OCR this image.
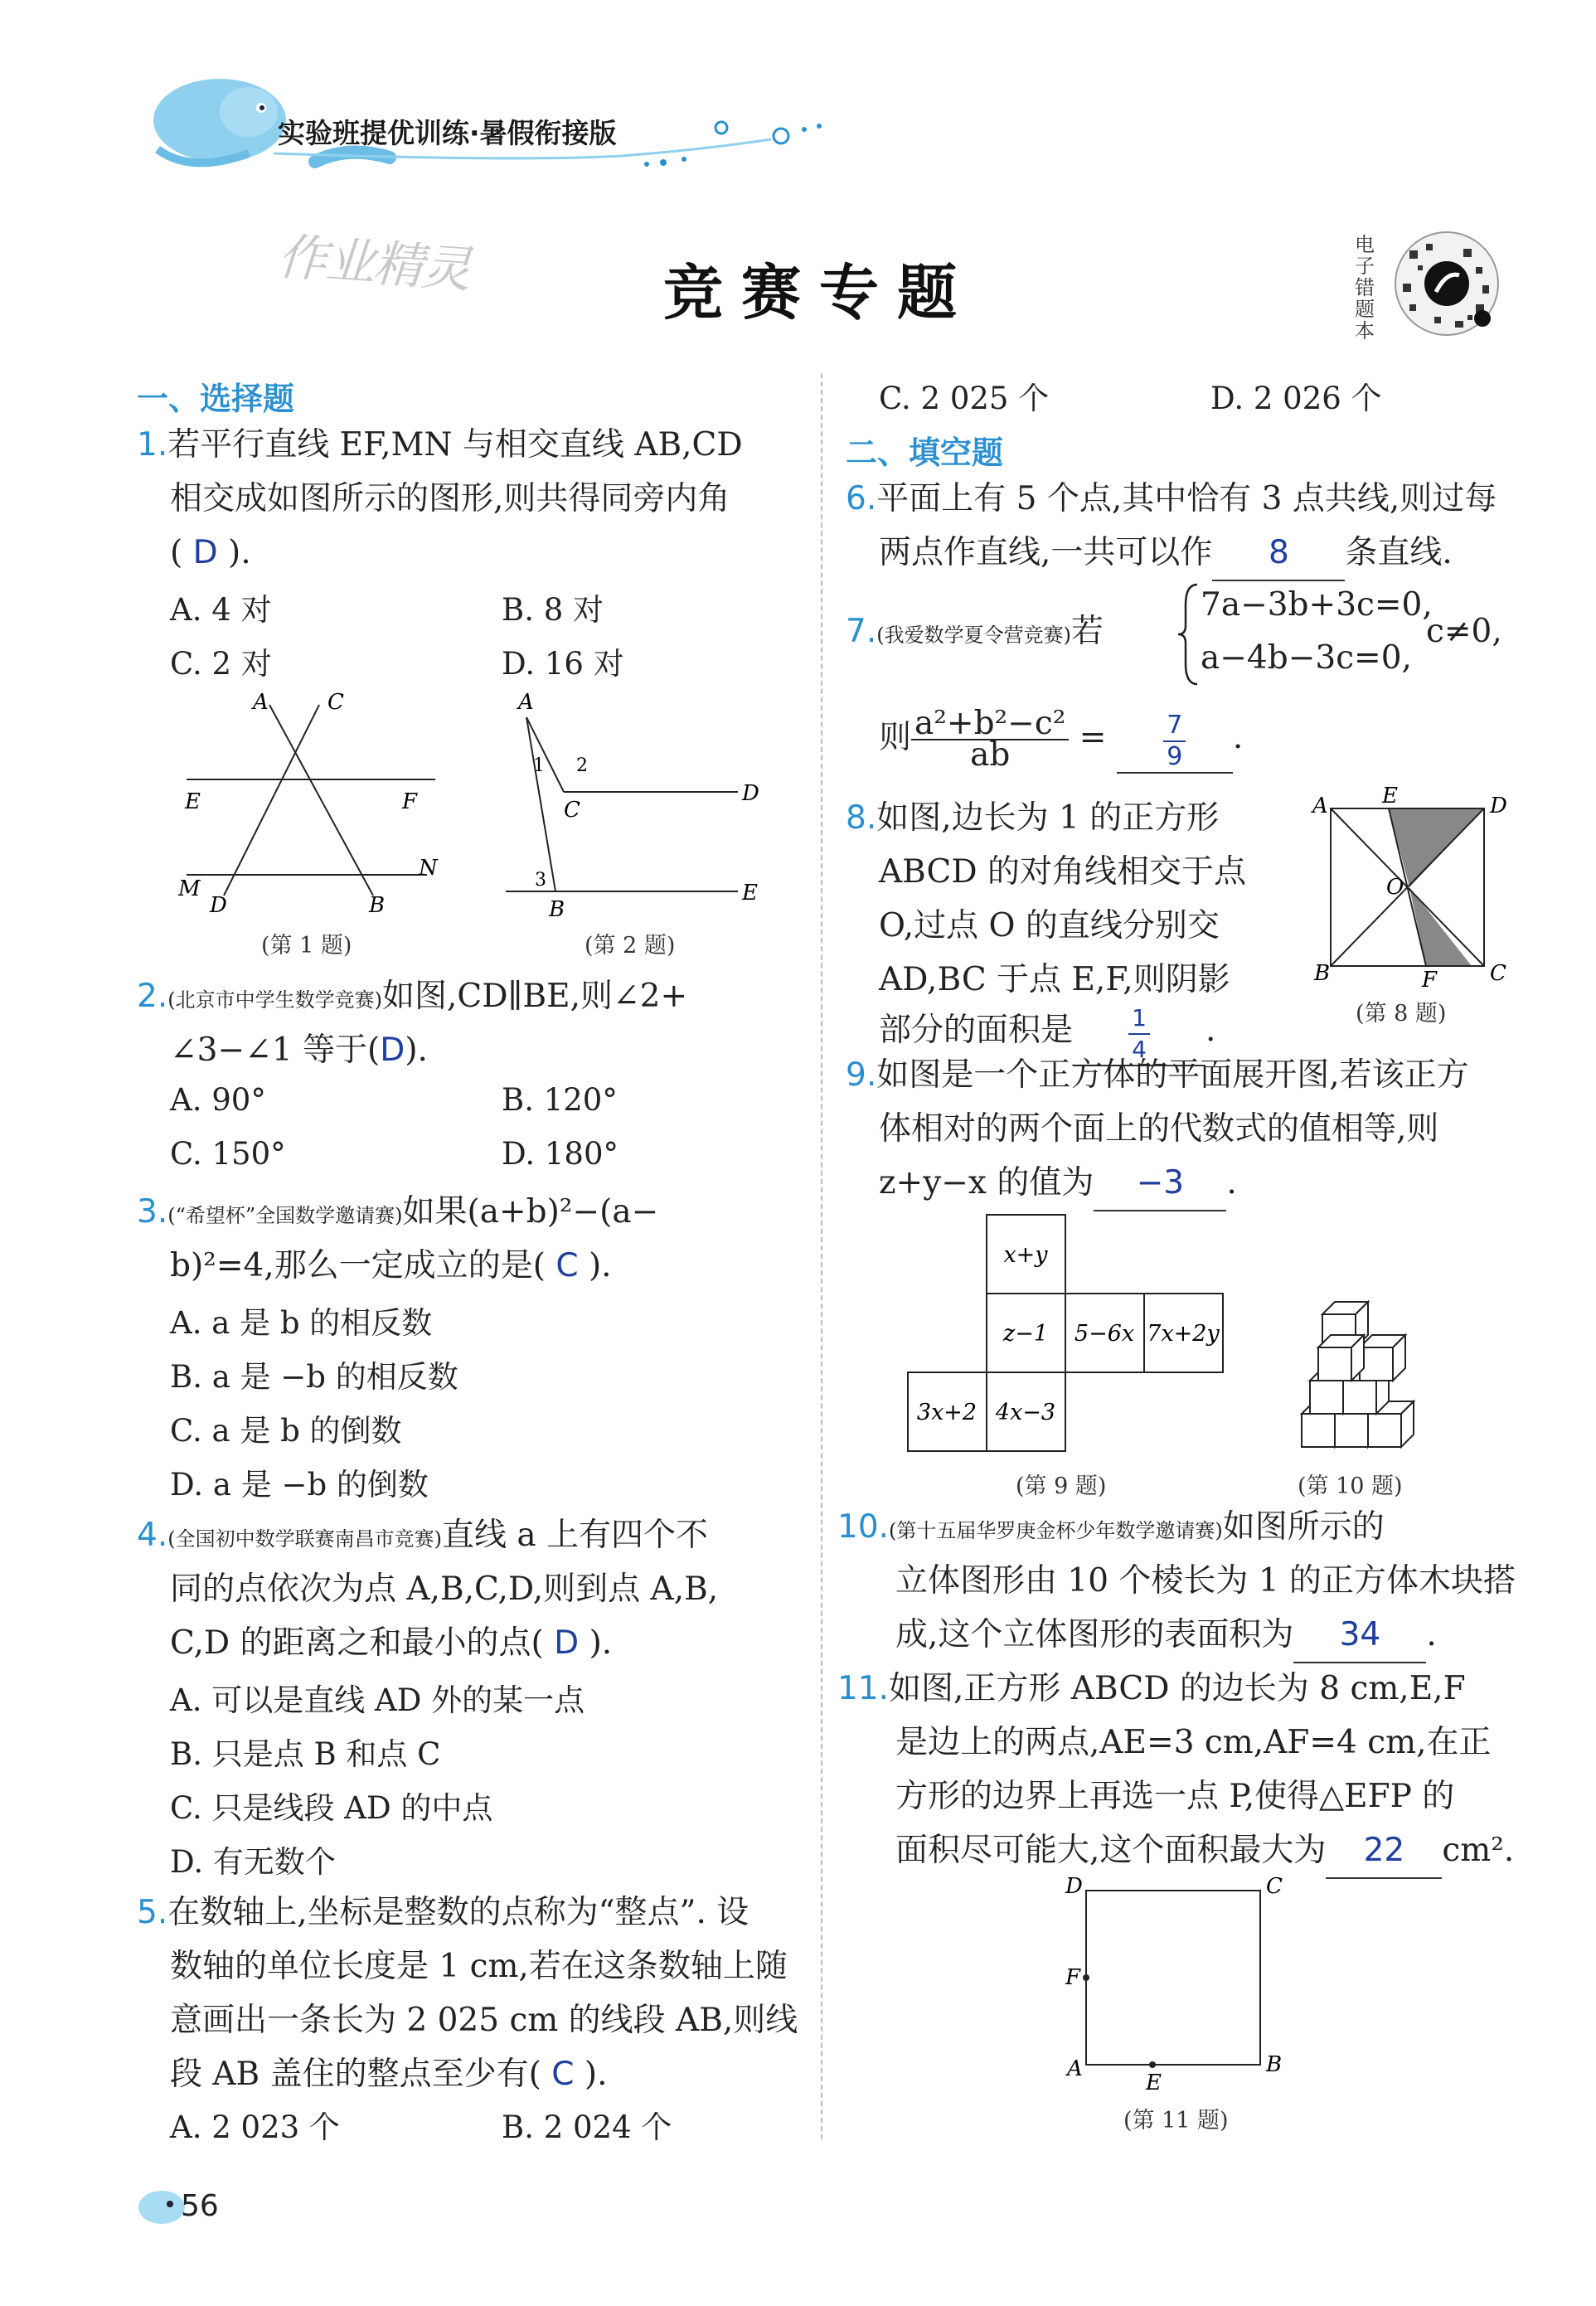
实验班提优训练·暑假衔接版
作业精灵	竞赛专题
电子错题本
一、选择题
1.若平行直线 EF,MN 与相交直线 AB,CD
相交成如图所示的图形,则共得同旁内角
( D ).
A. 4 对	B. 8 对
C. 2 对	D. 16 对
A	C
E	F
M
N
D	B
(第 1 题)
A
C
D
E
B
1 2
3
(第 2 题)
2.(北京市中学生数学竞赛)如图,CD∥BE,则∠2+
∠3−∠1 等于(D).
A. 90°	B. 120°
C. 150°	D. 180°
3.(“希望杯”全国数学邀请赛)如果(a+b)²−(a−
b)²=4,那么一定成立的是( C ).
A. a 是 b 的相反数
B. a 是 −b 的相反数
C. a 是 b 的倒数
D. a 是 −b 的倒数
4.(全国初中数学联赛南昌市竞赛)直线 a 上有四个不
同的点依次为点 A,B,C,D,则到点 A,B,
C,D 的距离之和最小的点( D ).
A. 可以是直线 AD 外的某一点
B. 只是点 B 和点 C
C. 只是线段 AD 的中点
D. 有无数个
5.在数轴上,坐标是整数的点称为“整点”. 设
数轴的单位长度是 1 cm,若在这条数轴上随
意画出一条长为 2 025 cm 的线段 AB,则线
段 AB 盖住的整点至少有( C ).
A. 2 023 个	B. 2 024 个
56
C. 2 025 个	D. 2 026 个
二、填空题
6.平面上有 5 个点,其中恰有 3 点共线,则过每
两点作直线,一共可以作 8 条直线.
7.(我爱数学夏令营竞赛)若
7a−3b+3c=0,
a−4b−3c=0,
c≠0,
则 $\frac{\text{a²+b²−c²}}{ab} = \frac{7}{9}$ .
8.如图,边长为 1 的正方形
ABCD 的对角线相交于点
O,过点 O 的直线分别交
AD,BC 于点 E,F,则阴影
部分的面积是 $\frac{1}{4}$ .
A	E	D
O
B	F C
(第 8 题)
9.如图是一个正方体的平面展开图,若该正方
体相对的两个面上的代数式的值相等,则
z+y−x 的值为 −3 .
x+y
z−1 5−6x 7x+2y
3x+2 4x−3
(第 9 题)	(第 10 题)
10.(第十五届华罗庚金杯少年数学邀请赛)如图所示的
立体图形由 10 个棱长为 1 的正方体木块搭
成,这个立体图形的表面积为 34 .
11.如图,正方形 ABCD 的边长为 8 cm,E,F
是边上的两点,AE=3 cm,AF=4 cm,在正
方形的边界上再选一点 P,使得△EFP 的
面积尽可能大,这个面积最大为 22 cm².
D	C
F
A	B
E
(第 11 题)
